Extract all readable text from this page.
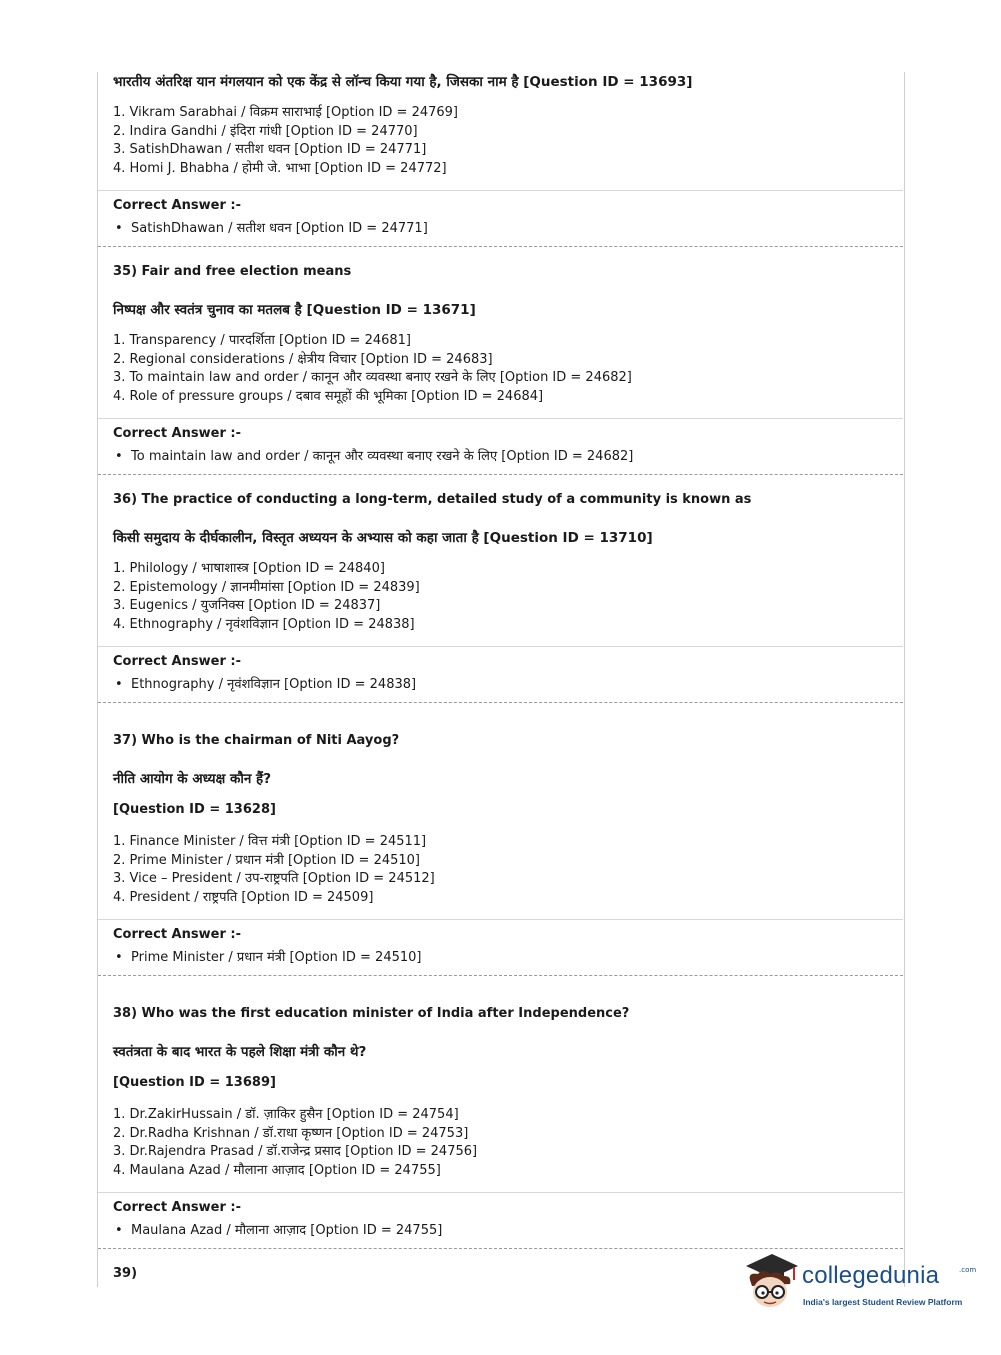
भारतीय अंतरिक्ष यान मंगलयान को एक केंद्र से लॉन्च किया गया है, जिसका नाम है [Question ID = 13693]

1. Vikram Sarabhai / विक्रम साराभाई [Option ID = 24769]

2. Indira Gandhi / इंदिरा गांधी [Option ID = 24770]

3. SatishDhawan / सतीश धवन [Option ID = 24771]

4. Homi J. Bhabha / होमी जे. भाभा [Option ID = 24772]

Correct Answer :-
• SatishDhawan / सतीश धवन [Option ID = 24771]
35) Fair and free election means
निष्पक्ष और स्वतंत्र चुनाव का मतलब है [Question ID = 13671]

1. Transparency / पारदर्शिता [Option ID = 24681]

2. Regional considerations / क्षेत्रीय विचार [Option ID = 24683]

3. To maintain law and order / कानून और व्यवस्था बनाए रखने के लिए [Option ID = 24682]

4. Role of pressure groups / दबाव समूहों की भूमिका [Option ID = 24684]

Correct Answer :-
• To maintain law and order / कानून और व्यवस्था बनाए रखने के लिए [Option ID = 24682]
36) The practice of conducting a long-term, detailed study of a community is known as
किसी समुदाय के दीर्घकालीन, विस्तृत अध्ययन के अभ्यास को कहा जाता है [Question ID = 13710]

1. Philology / भाषाशास्त्र [Option ID = 24840]

2. Epistemology / ज्ञानमीमांसा [Option ID = 24839]

3. Eugenics / युजनिक्स [Option ID = 24837]

4. Ethnography / नृवंशविज्ञान [Option ID = 24838]

Correct Answer :-
• Ethnography / नृवंशविज्ञान [Option ID = 24838]
37) Who is the chairman of Niti Aayog?
नीति आयोग के अध्यक्ष कौन हैं?
[Question ID = 13628]

1. Finance Minister / वित्त मंत्री [Option ID = 24511]

2. Prime Minister / प्रधान मंत्री [Option ID = 24510]

3. Vice – President / उप-राष्ट्रपति [Option ID = 24512]

4. President / राष्ट्रपति [Option ID = 24509]

Correct Answer :-
• Prime Minister / प्रधान मंत्री [Option ID = 24510]
38) Who was the first education minister of India after Independence?
स्वतंत्रता के बाद भारत के पहले शिक्षा मंत्री कौन थे?
[Question ID = 13689]

1. Dr.ZakirHussain / डॉ. ज़ाकिर हुसैन [Option ID = 24754]

2. Dr.Radha Krishnan / डॉ.राधा कृष्णन [Option ID = 24753]

3. Dr.Rajendra Prasad / डॉ.राजेन्द्र प्रसाद [Option ID = 24756]

4. Maulana Azad / मौलाना आज़ाद [Option ID = 24755]

Correct Answer :-
• Maulana Azad / मौलाना आज़ाद [Option ID = 24755]
39)	collegedunia	.com
India's largest Student Review Platform
